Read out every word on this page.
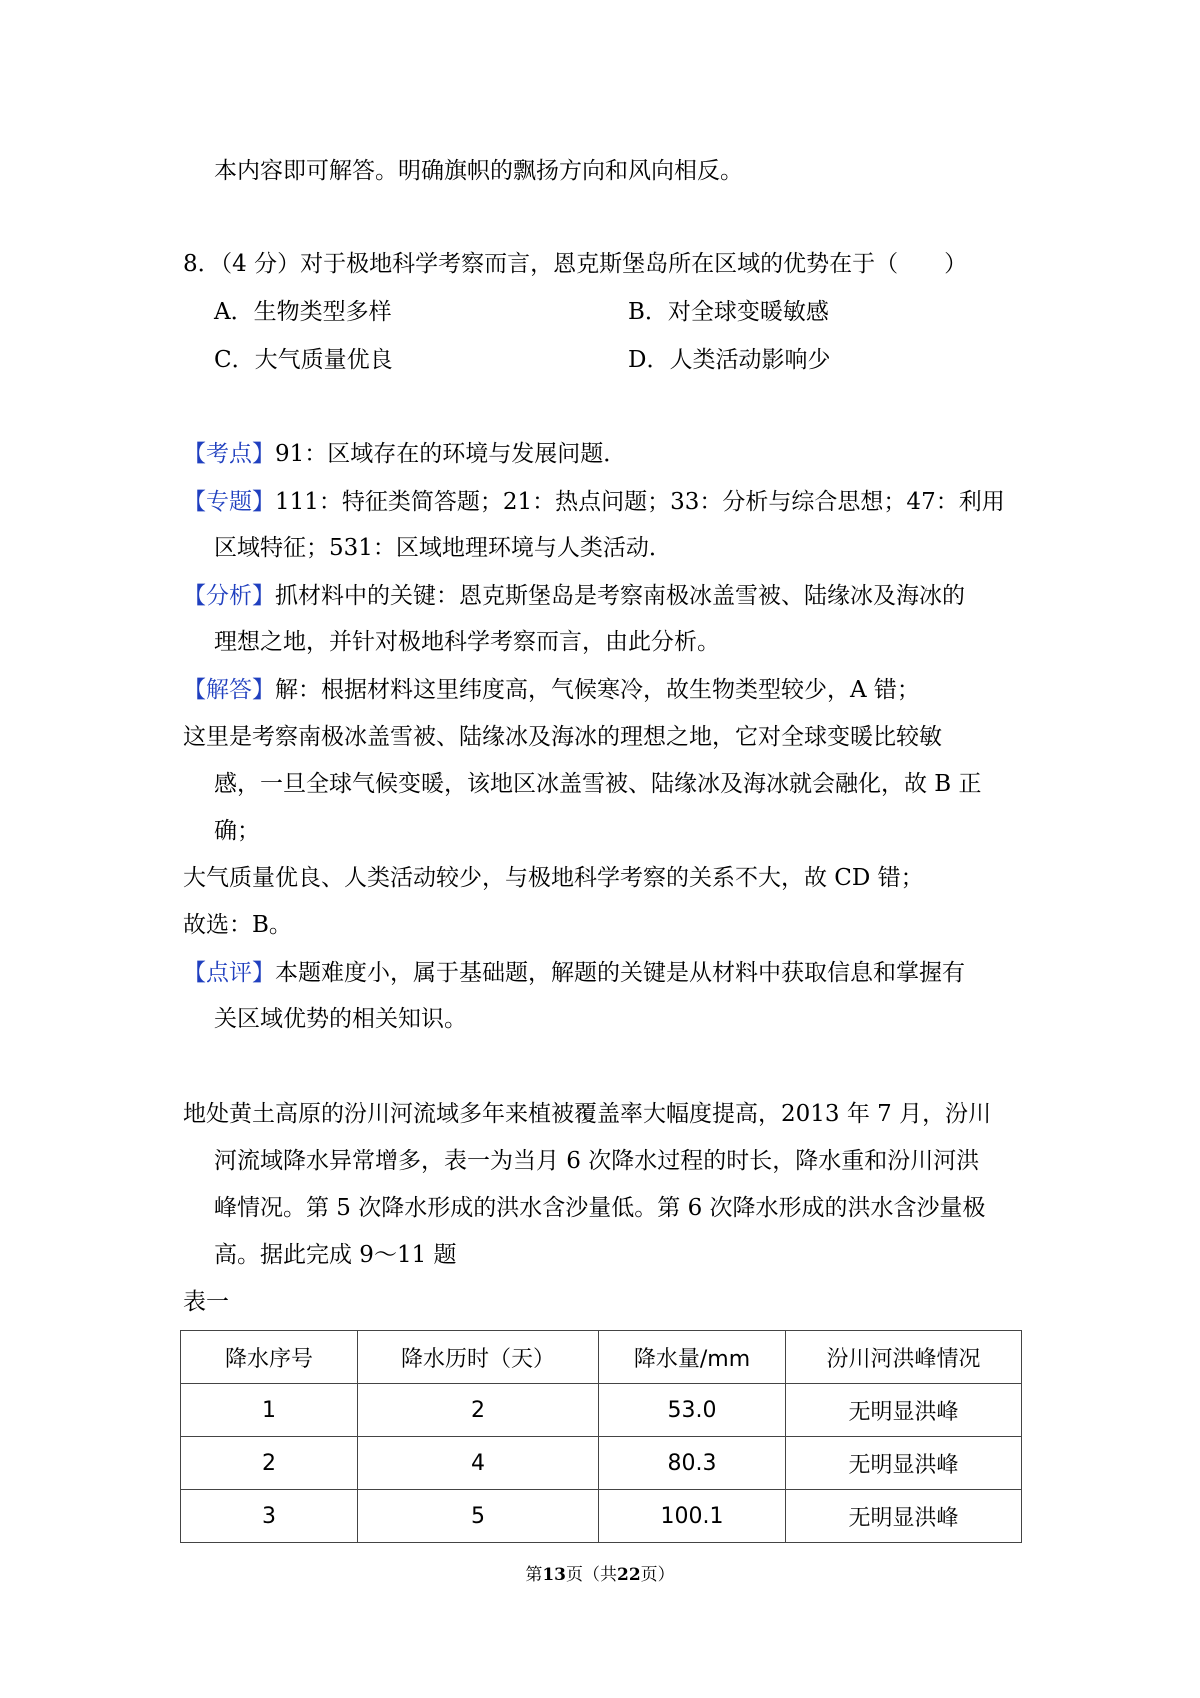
本内容即可解答。明确旗帜的飘扬方向和风向相反。
8．（4 分）对于极地科学考察而言，恩克斯堡岛所在区域的优势在于（　　）
A．生物类型多样	B．对全球变暖敏感
C．大气质量优良	D．人类活动影响少
【考点】91：区域存在的环境与发展问题．
【专题】111：特征类简答题；21：热点问题；33：分析与综合思想；47：利用
区域特征；531：区域地理环境与人类活动．
【分析】抓材料中的关键：恩克斯堡岛是考察南极冰盖雪被、陆缘冰及海冰的
理想之地，并针对极地科学考察而言，由此分析。
【解答】解：根据材料这里纬度高，气候寒冷，故生物类型较少，A 错；
这里是考察南极冰盖雪被、陆缘冰及海冰的理想之地，它对全球变暖比较敏
感，一旦全球气候变暖，该地区冰盖雪被、陆缘冰及海冰就会融化，故 B 正
确；
大气质量优良、人类活动较少，与极地科学考察的关系不大，故 CD 错；
故选：B。
【点评】本题难度小，属于基础题，解题的关键是从材料中获取信息和掌握有
关区域优势的相关知识。
地处黄土高原的汾川河流域多年来植被覆盖率大幅度提高，2013 年 7 月，汾川
河流域降水异常增多，表一为当月 6 次降水过程的时长，降水重和汾川河洪
峰情况。第 5 次降水形成的洪水含沙量低。第 6 次降水形成的洪水含沙量极
高。据此完成 9～11 题
表一
降水序号	降水历时（天）	降水量/mm	汾川河洪峰情况
1	2	53.0	无明显洪峰
2	4	80.3	无明显洪峰
3	5	100.1	无明显洪峰
第13页（共22页）
